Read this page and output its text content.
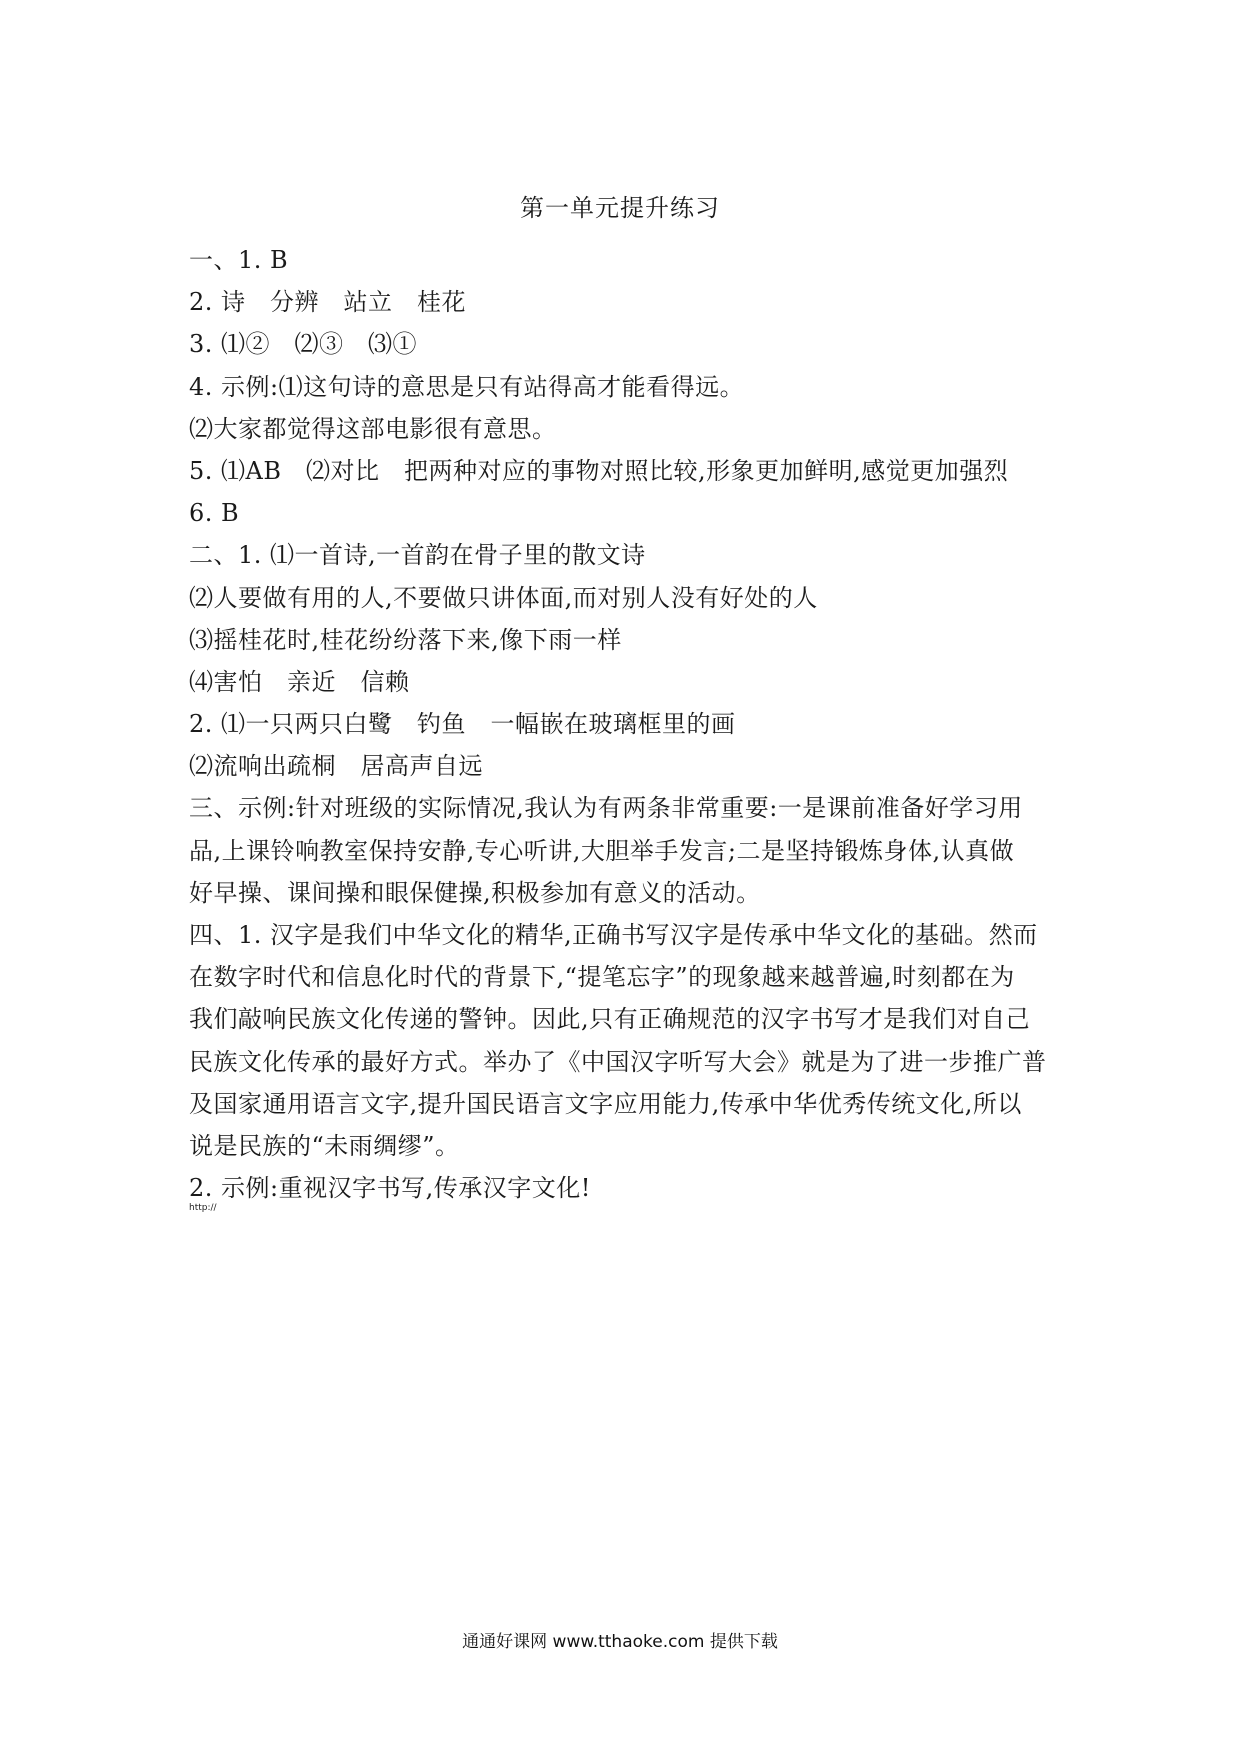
第一单元提升练习
一、1. B
2. 诗　分辨　站立　桂花
3. ⑴②　⑵③　⑶①
4. 示例:⑴这句诗的意思是只有站得高才能看得远。
⑵大家都觉得这部电影很有意思。
5. ⑴AB　⑵对比　把两种对应的事物对照比较,形象更加鲜明,感觉更加强烈
6. B
二、1. ⑴一首诗,一首韵在骨子里的散文诗
⑵人要做有用的人,不要做只讲体面,而对别人没有好处的人
⑶摇桂花时,桂花纷纷落下来,像下雨一样
⑷害怕　亲近　信赖
2. ⑴一只两只白鹭　钓鱼　一幅嵌在玻璃框里的画
⑵流响出疏桐　居高声自远
三、示例:针对班级的实际情况,我认为有两条非常重要:一是课前准备好学习用
品,上课铃响教室保持安静,专心听讲,大胆举手发言;二是坚持锻炼身体,认真做
好早操、课间操和眼保健操,积极参加有意义的活动。
四、1. 汉字是我们中华文化的精华,正确书写汉字是传承中华文化的基础。然而
在数字时代和信息化时代的背景下,“提笔忘字”的现象越来越普遍,时刻都在为
我们敲响民族文化传递的警钟。因此,只有正确规范的汉字书写才是我们对自己
民族文化传承的最好方式。举办了《中国汉字听写大会》就是为了进一步推广普
及国家通用语言文字,提升国民语言文字应用能力,传承中华优秀传统文化,所以
说是民族的“未雨绸缪”。
2. 示例:重视汉字书写,传承汉字文化!
http://
通通好课网 www.tthaoke.com 提供下载
